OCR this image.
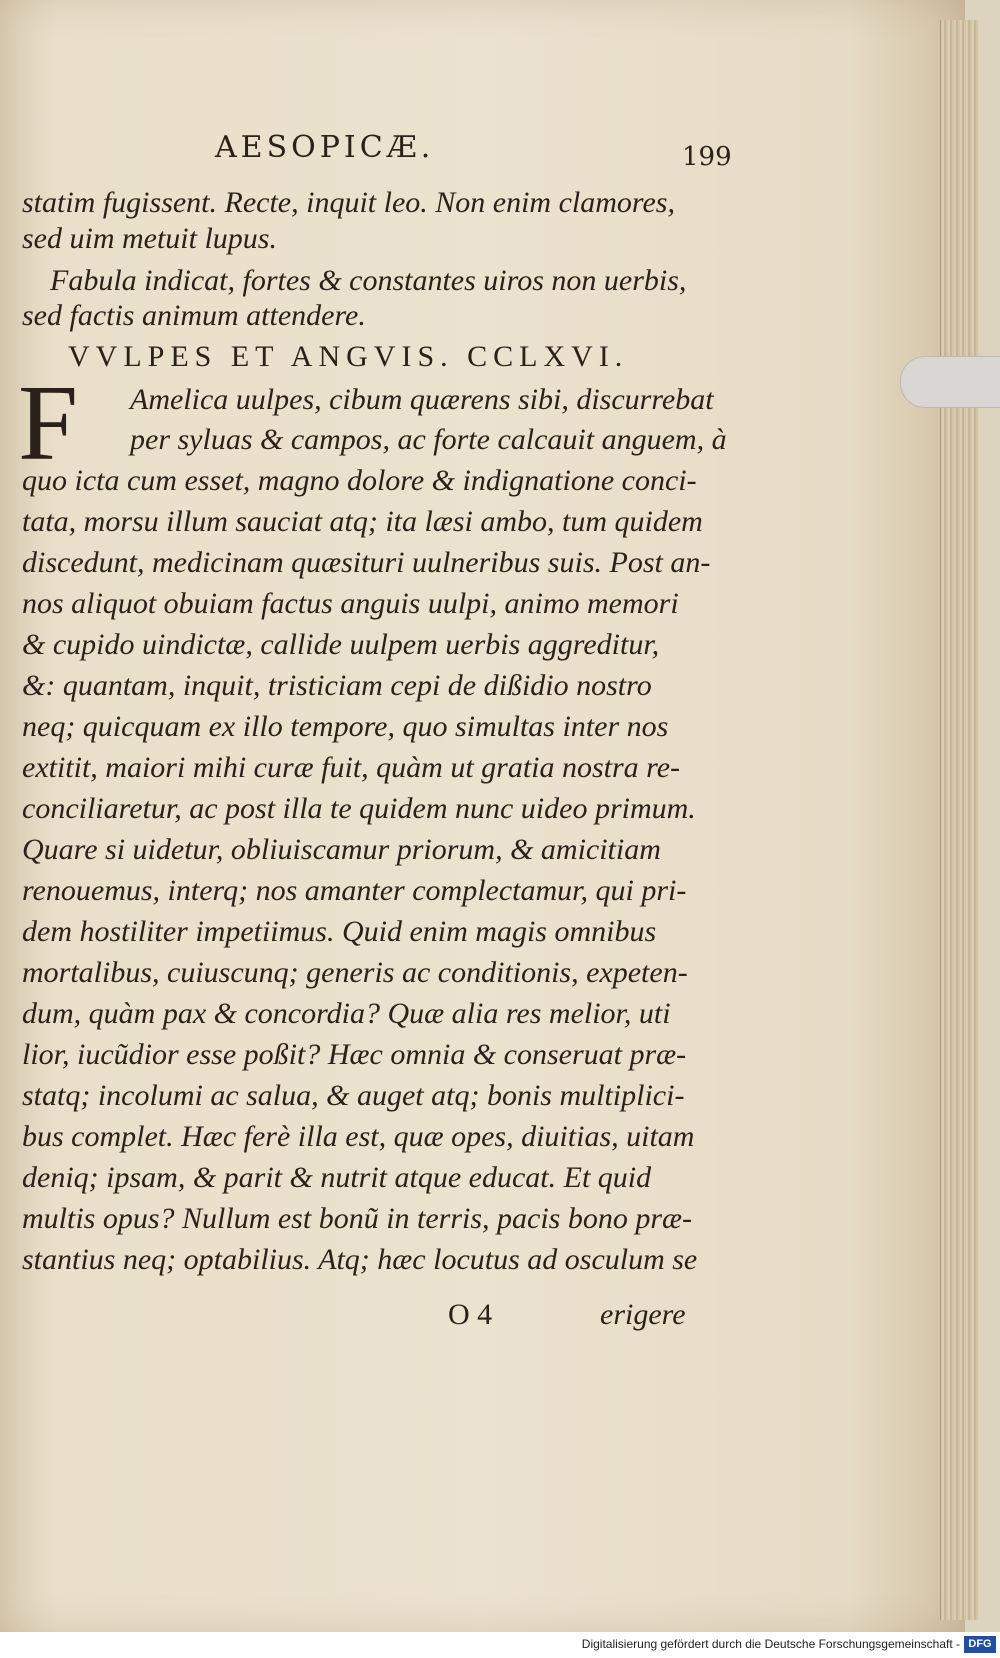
AESOPICÆ.	199
statim fugissent. Recte, inquit leo. Non enim clamores,
sed uim metuit lupus.
Fabula indicat, fortes & constantes uiros non uerbis,
sed factis animum attendere.
VVLPES ET ANGVIS. CCLXVI.
F Amelica uulpes, cibum quærens sibi, discurrebat
per syluas & campos, ac forte calcauit anguem, à
quo icta cum esset, magno dolore & indignatione conci-
tata, morsu illum sauciat atq; ita læsi ambo, tum quidem
discedunt, medicinam quæsituri uulneribus suis. Post an-
nos aliquot obuiam factus anguis uulpi, animo memori
& cupido uindictæ, callide uulpem uerbis aggreditur,
&: quantam, inquit, tristiciam cepi de dißidio nostro
neq; quicquam ex illo tempore, quo simultas inter nos
extitit, maiori mihi curæ fuit, quàm ut gratia nostra re-
conciliaretur, ac post illa te quidem nunc uideo primum.
Quare si uidetur, obliuiscamur priorum, & amicitiam
renouemus, interq; nos amanter complectamur, qui pri-
dem hostiliter impetiimus. Quid enim magis omnibus
mortalibus, cuiuscunq; generis ac conditionis, expeten-
dum, quàm pax & concordia? Quæ alia res melior, uti
lior, iucũdior esse poßit? Hæc omnia & conseruat præ-
statq; incolumi ac salua, & auget atq; bonis multiplici-
bus complet. Hæc ferè illa est, quæ opes, diuitias, uitam
deniq; ipsam, & parit & nutrit atque educat. Et quid
multis opus? Nullum est bonũ in terris, pacis bono præ-
stantius neq; optabilius. Atq; hæc locutus ad osculum se
O 4	erigere
Digitalisierung gefördert durch die Deutsche Forschungsgemeinschaft - DFG
